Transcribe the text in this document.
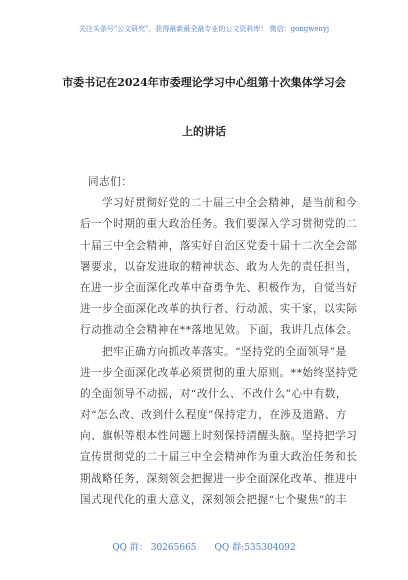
关注头条号"公文研究"，获得最新最全最专业的公文资料库！ 微信：gongwenyj
市委书记在2024年市委理论学习中心组第十次集体学习会
上的讲话
同志们：
学习好贯彻好党的二十届三中全会精神，是当前和今
后一个时期的重大政治任务。我们要深入学习贯彻党的二
十届三中全会精神，落实好自治区党委十届十二次全会部
署要求，以奋发进取的精神状态、敢为人先的责任担当，
在进一步全面深化改革中奋勇争先、积极作为，自觉当好
进一步全面深化改革的执行者、行动派、实干家，以实际
行动推动全会精神在**落地见效。下面，我讲几点体会。
把牢正确方向抓改革落实。“坚持党的全面领导”是
进一步全面深化改革必须贯彻的重大原则。**始终坚持党
的全面领导不动摇，对“改什么、不改什么”心中有数，
对“怎么改、改到什么程度”保持定力，在涉及道路、方
向、旗帜等根本性问题上时刻保持清醒头脑。坚持把学习
宣传贯彻党的二十届三中全会精神作为重大政治任务和长
期战略任务，深刻领会把握进一步全面深化改革、推进中
国式现代化的重大意义，深刻领会把握“七个聚焦”的丰
QQ 群： 30265665 QQ 群:535304092
